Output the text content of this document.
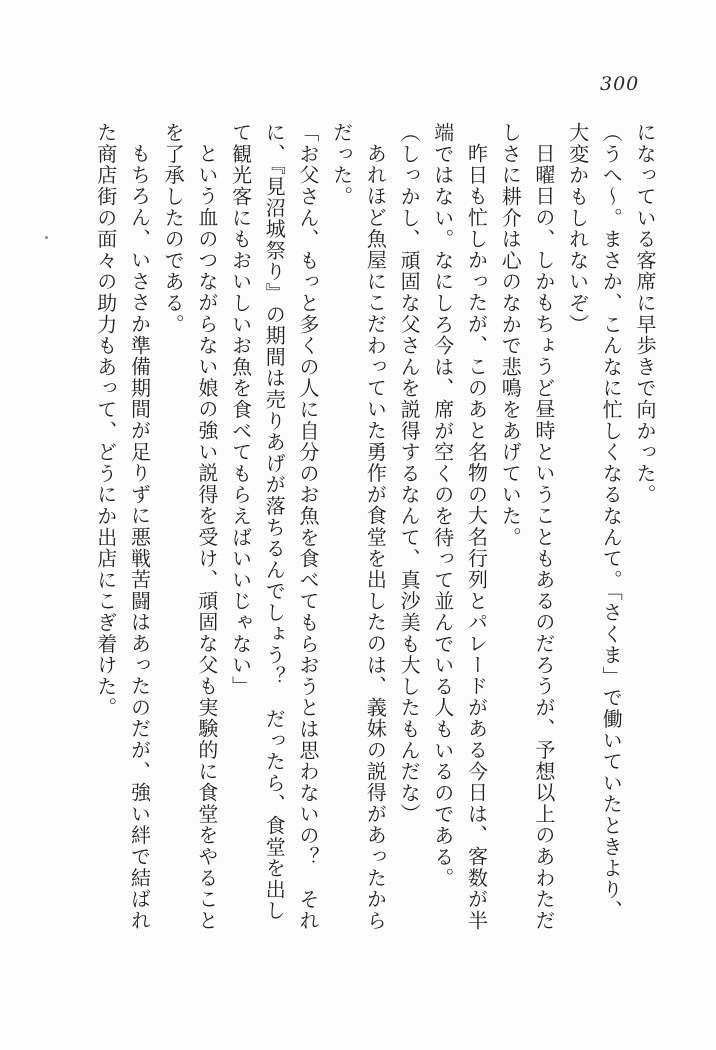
300
になっている客席に早歩きで向かった。
（うへ〜。まさか、こんなに忙しくなるなんて。「さくま」で働いていたときより、
大変かもしれないぞ）
日曜日の、しかもちょうど昼時ということもあるのだろうが、予想以上のあわただ
しさに耕介は心のなかで悲鳴をあげていた。
昨日も忙しかったが、このあと名物の大名行列とパレードがある今日は、客数が半
端ではない。なにしろ今は、席が空くのを待って並んでいる人もいるのである。
（しっかし、頑固な父さんを説得するなんて、真沙美も大したもんだな）
あれほど魚屋にこだわっていた勇作が食堂を出したのは、義妹の説得があったから
だった。
「お父さん、もっと多くの人に自分のお魚を食べてもらおうとは思わないの？　それ
に、『見沼城祭り』の期間は売りあげが落ちるんでしょう？　だったら、食堂を出し
て観光客にもおいしいお魚を食べてもらえばいいじゃない」
という血のつながらない娘の強い説得を受け、頑固な父も実験的に食堂をやること
を了承したのである。
もちろん、いささか準備期間が足りずに悪戦苦闘はあったのだが、強い絆で結ばれ
た商店街の面々の助力もあって、どうにか出店にこぎ着けた。
